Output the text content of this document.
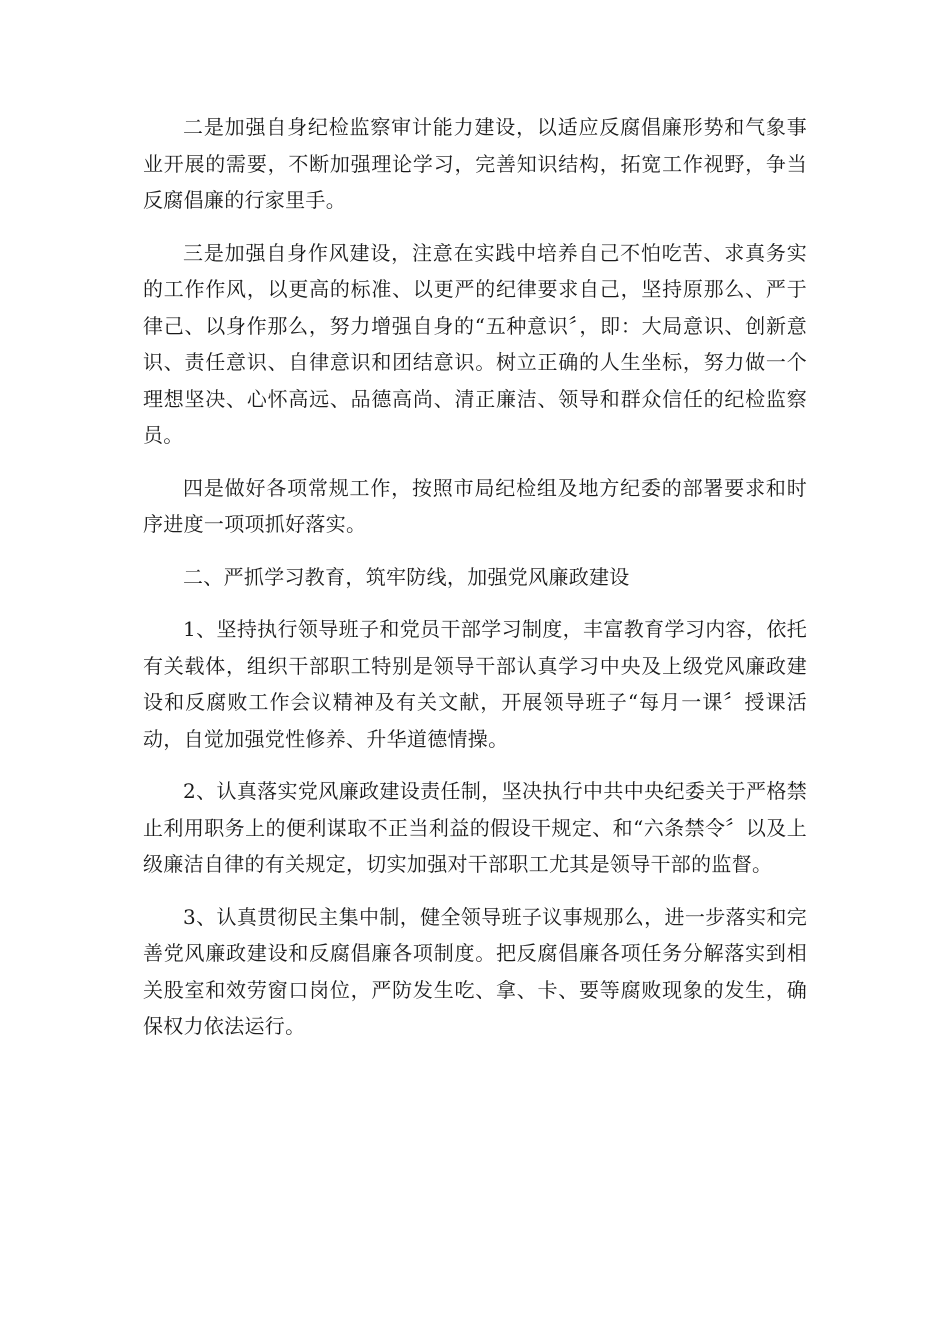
二是加强自身纪检监察审计能力建设，以适应反腐倡廉形势和气象事业开展的需要，不断加强理论学习，完善知识结构，拓宽工作视野，争当反腐倡廉的行家里手。

三是加强自身作风建设，注意在实践中培养自己不怕吃苦、求真务实的工作作风，以更高的标准、以更严的纪律要求自己，坚持原那么、严于律己、以身作那么，努力增强自身的“五种意识〞，即：大局意识、创新意识、责任意识、自律意识和团结意识。树立正确的人生坐标，努力做一个理想坚决、心怀高远、品德高尚、清正廉洁、领导和群众信任的纪检监察员。

四是做好各项常规工作，按照市局纪检组及地方纪委的部署要求和时序进度一项项抓好落实。

二、严抓学习教育，筑牢防线，加强党风廉政建设

1、坚持执行领导班子和党员干部学习制度，丰富教育学习内容，依托有关载体，组织干部职工特别是领导干部认真学习中央及上级党风廉政建设和反腐败工作会议精神及有关文献，开展领导班子“每月一课〞授课活动，自觉加强党性修养、升华道德情操。

2、认真落实党风廉政建设责任制，坚决执行中共中央纪委关于严格禁止利用职务上的便利谋取不正当利益的假设干规定、和“六条禁令〞以及上级廉洁自律的有关规定，切实加强对干部职工尤其是领导干部的监督。

3、认真贯彻民主集中制，健全领导班子议事规那么，进一步落实和完善党风廉政建设和反腐倡廉各项制度。把反腐倡廉各项任务分解落实到相关股室和效劳窗口岗位，严防发生吃、拿、卡、要等腐败现象的发生，确保权力依法运行。
